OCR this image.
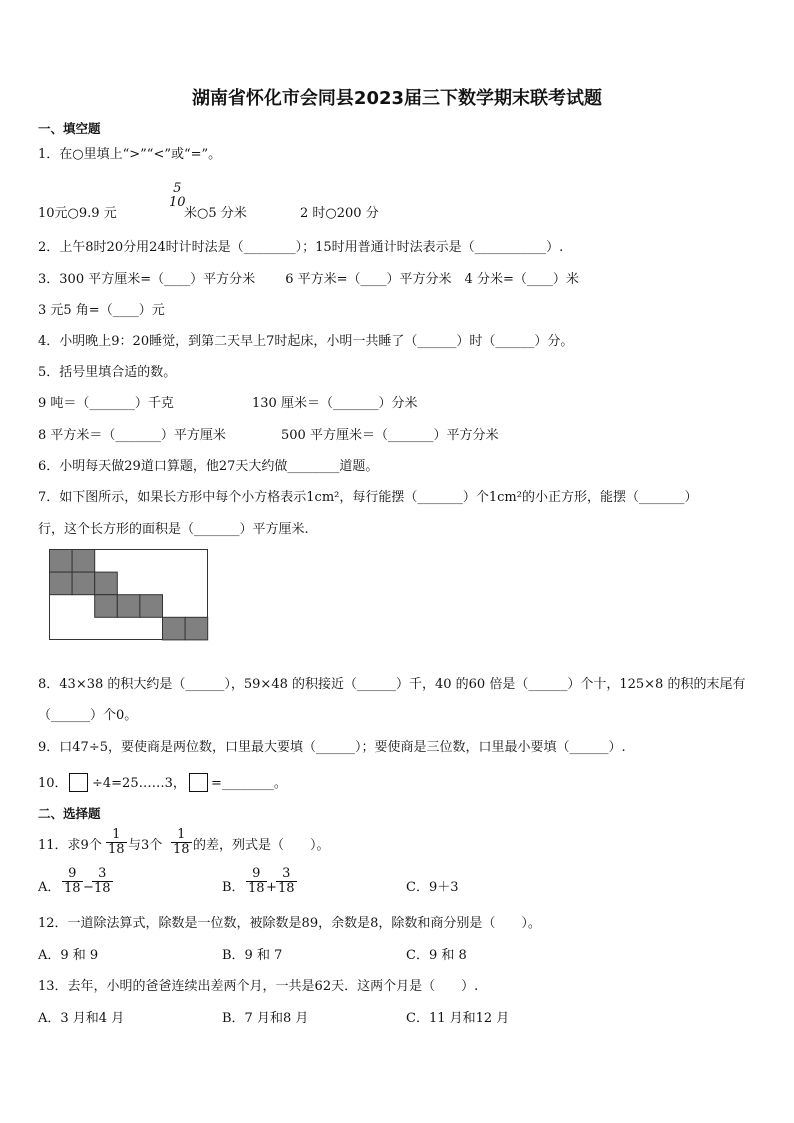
湖南省怀化市会同县2023届三下数学期末联考试题
一、填空题
1．在○里填上“>”“<”或“=”。
10元○9.9 元
5
10
米○5 分米	2 时○200 分
2．上午8时20分用24时计时法是（________）；15时用普通计时法表示是（___________）.
3．300 平方厘米=（____）平方分米　　 6 平方米=（____）平方分米　4 分米=（____）米
3 元5 角=（____）元
4．小明晚上9：20睡觉，到第二天早上7时起床，小明一共睡了（______）时（______）分。
5．括号里填合适的数。
9 吨＝（_______）千克	130 厘米＝（_______）分米
8 平方米＝（_______）平方厘米	500 平方厘米＝（_______）平方分米
6．小明每天做29道口算题，他27天大约做________道题。
7．如下图所示，如果长方形中每个小方格表示1cm²，每行能摆（_______）个1cm²的小正方形，能摆（_______）
行，这个长方形的面积是（_______）平方厘米.
8．43×38 的积大约是（______），59×48 的积接近（______）千，40 的60 倍是（______）个十，125×8 的积的末尾有
（______）个0。
9．口47÷5，要使商是两位数，口里最大要填（______）；要使商是三位数，口里最小要填（______）.
10． ÷4=25……3， =________。
二、选择题
11．求9个 $\frac{1}{18}$ 与3个 $\frac{1}{18}$ 的差，列式是（　　）。
A． $\frac{9}{18}$ −
$\frac{3}{18}$	B． $\frac{9}{18} + \frac{3}{18}$	C．9＋3
12．一道除法算式，除数是一位数，被除数是89，余数是8，除数和商分别是（　　）。
A．9 和 9	B．9 和 7	C．9 和 8
13．去年，小明的爸爸连续出差两个月，一共是62天．这两个月是（　　）.
A．3 月和4 月	B．7 月和8 月	C．11 月和12 月
